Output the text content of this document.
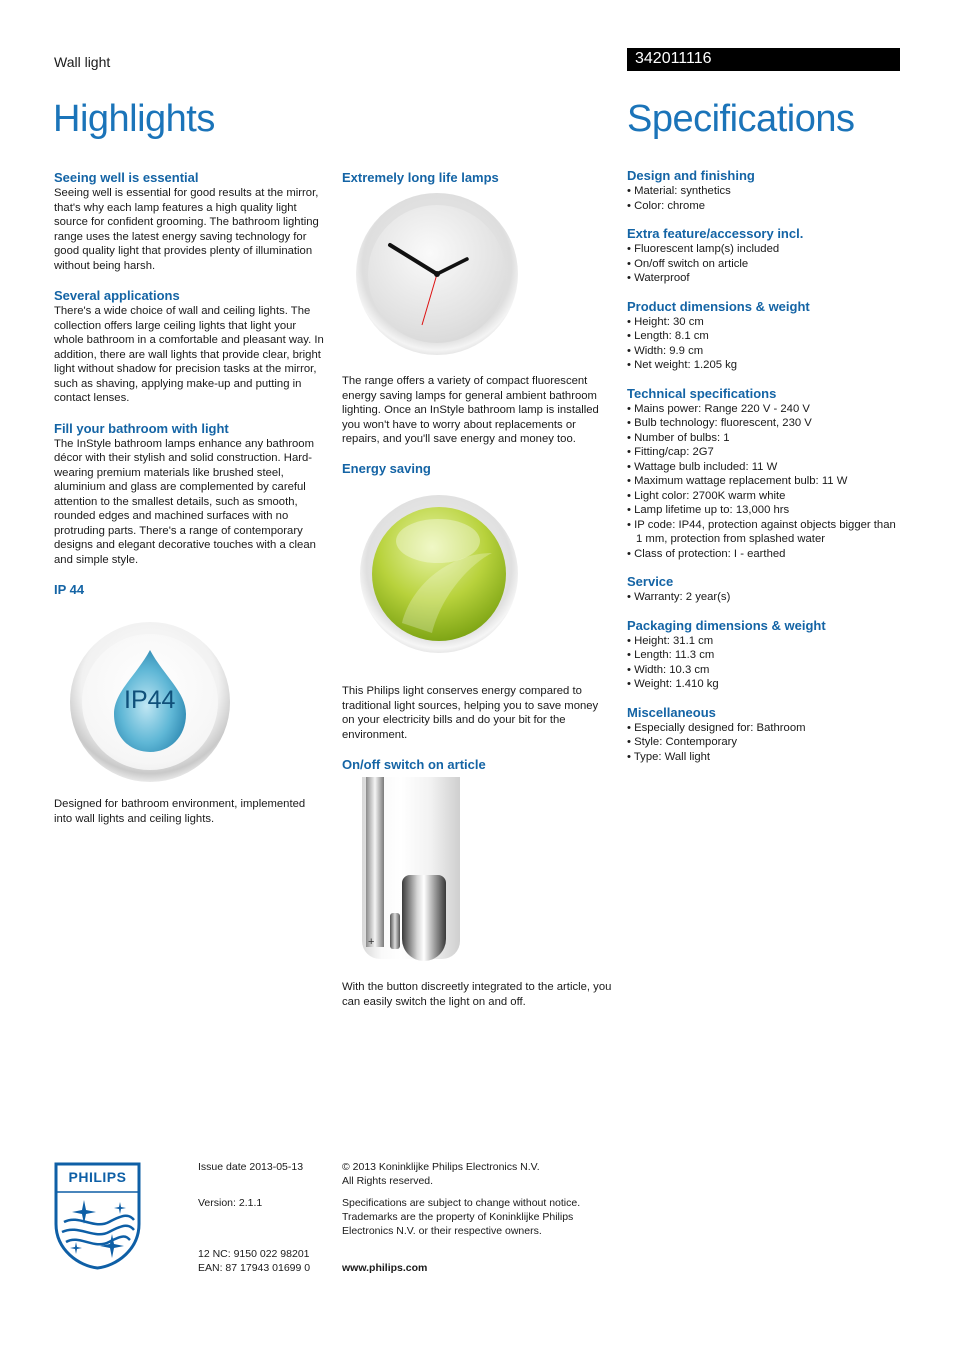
Wall light	342011116
Highlights	Specifications
Seeing well is essential

Seeing well is essential for good results at the mirror, that's why each lamp features a high quality light source for confident grooming. The bathroom lighting range uses the latest energy saving technology for good quality light that provides plenty of illumination without being harsh.

Several applications

There's a wide choice of wall and ceiling lights. The collection offers large ceiling lights that light your whole bathroom in a comfortable and pleasant way. In addition, there are wall lights that provide clear, bright light without shadow for precision tasks at the mirror, such as shaving, applying make-up and putting in contact lenses.

Fill your bathroom with light

The InStyle bathroom lamps enhance any bathroom décor with their stylish and solid construction. Hard-wearing premium materials like brushed steel, aluminium and glass are complemented by careful attention to the smallest details, such as smooth, rounded edges and machined surfaces with no protruding parts. There's a range of contemporary designs and elegant decorative touches with a clean and simple style.

IP 44
IP44

Designed for bathroom environment, implemented into wall lights and ceiling lights.

Extremely long life lamps

The range offers a variety of compact fluorescent energy saving lamps for general ambient bathroom lighting. Once an InStyle bathroom lamp is installed you won't have to worry about replacements or repairs, and you'll save energy and money too.

Energy saving

This Philips light conserves energy compared to traditional light sources, helping you to save money on your electricity bills and do your bit for the environment.

On/off switch on article
+

With the button discreetly integrated to the article, you can easily switch the light on and off.

Design and finishing
• Material: synthetics
• Color: chrome
Extra feature/accessory incl.
• Fluorescent lamp(s) included
• On/off switch on article
• Waterproof
Product dimensions & weight
• Height: 30 cm
• Length: 8.1 cm
• Width: 9.9 cm
• Net weight: 1.205 kg
Technical specifications
• Mains power: Range 220 V - 240 V
• Bulb technology: fluorescent, 230 V
• Number of bulbs: 1
• Fitting/cap: 2G7
• Wattage bulb included: 11 W
• Maximum wattage replacement bulb: 11 W
• Light color: 2700K warm white
• Lamp lifetime up to: 13,000 hrs
• IP code: IP44, protection against objects bigger than 1 mm, protection from splashed water
• Class of protection: I - earthed
Service
• Warranty: 2 year(s)
Packaging dimensions & weight
• Height: 31.1 cm
• Length: 11.3 cm
• Width: 10.3 cm
• Weight: 1.410 kg
Miscellaneous
• Especially designed for: Bathroom
• Style: Contemporary
• Type: Wall light
PHILIPS
Issue date 2013-05-13
Version: 2.1.1
12 NC: 9150 022 98201
EAN: 87 17943 01699 0
© 2013 Koninklijke Philips Electronics N.V.
All Rights reserved.
Specifications are subject to change without notice.
Trademarks are the property of Koninklijke Philips
Electronics N.V. or their respective owners.
www.philips.com
